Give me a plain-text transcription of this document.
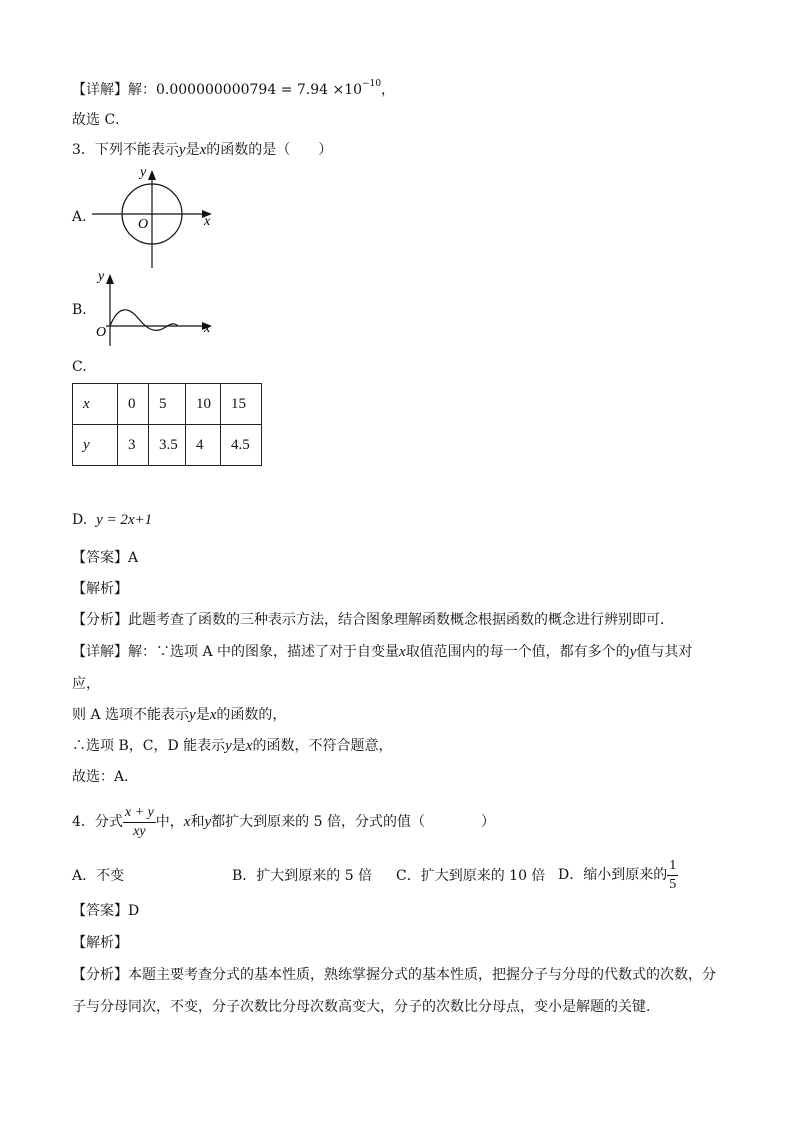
【详解】解：$0.000000000794 = 7.94 \times 10^{-10}$，
故选 C．
3．下列不能表示y是x的函数的是（　　）
A.
y
x
O
B.
y
x
O
C.
x	0	5	10	15
y	3	3.5	4	4.5
D. y = 2x+1
【答案】A
【解析】
【分析】此题考查了函数的三种表示方法，结合图象理解函数概念根据函数的概念进行辨别即可．
【详解】解：∵选项 A 中的图象，描述了对于自变量x取值范围内的每一个值，都有多个的y值与其对
应，
则 A 选项不能表示y是x的函数的，
∴选项 B，C，D 能表示y是x的函数，不符合题意，
故选：A．
4．分式 $\frac{x + y}{xy}$ 中，x和y都扩大到原来的 5 倍，分式的值（　　　　）
A．不变	B．扩大到原来的 5 倍 C．扩大到原来的 10 倍 D．缩小到原来的 $\frac{1}{5}$
【答案】D
【解析】
【分析】本题主要考查分式的基本性质，熟练掌握分式的基本性质，把握分子与分母的代数式的次数，分
子与分母同次，不变，分子次数比分母次数高变大，分子的次数比分母点，变小是解题的关键．
